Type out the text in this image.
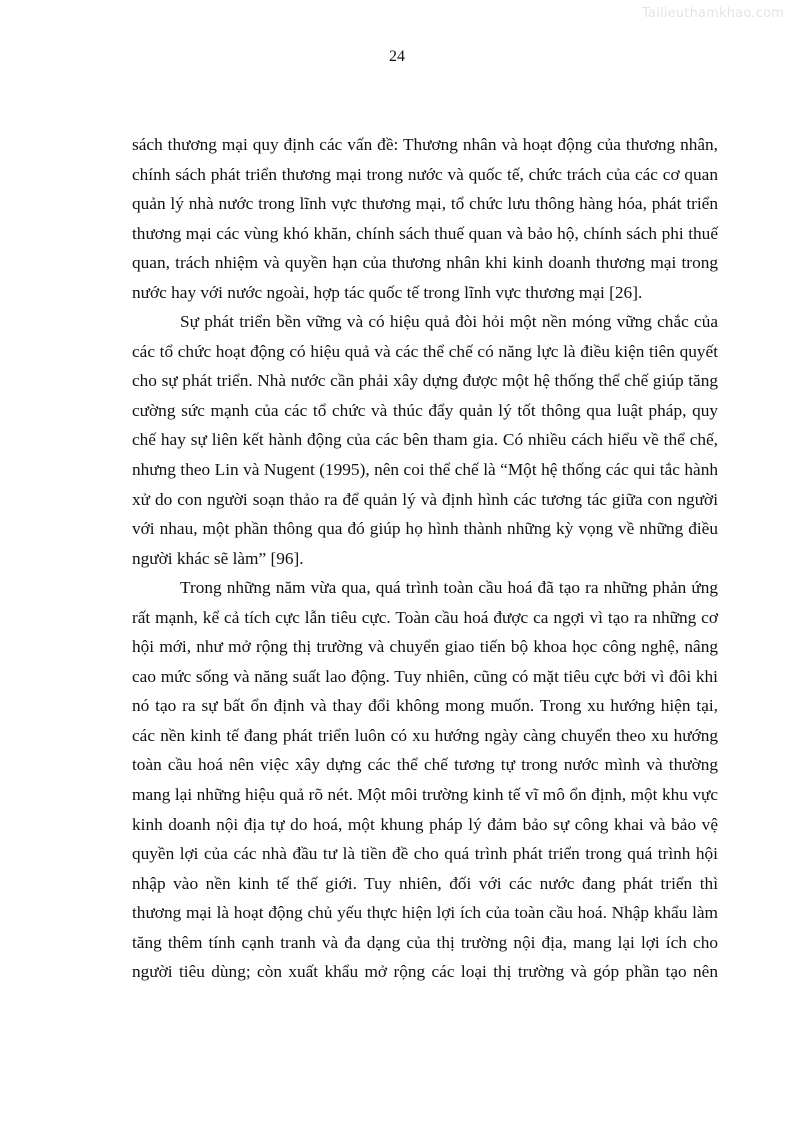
Tailieuthamkhao.com
24
sách thương mại quy định các vấn đề: Thương nhân và hoạt động của thương nhân,
chính sách phát triển thương mại trong nước và quốc tế, chức trách của các cơ quan
quản lý nhà nước trong lĩnh vực thương mại, tổ chức lưu thông hàng hóa, phát triển
thương mại các vùng khó khăn, chính sách thuế quan và bảo hộ, chính sách phi thuế
quan, trách nhiệm và quyền hạn của thương nhân khi kinh doanh thương mại trong
nước hay với nước ngoài, hợp tác quốc tế trong lĩnh vực thương mại [26].
Sự phát triển bền vững và có hiệu quả đòi hỏi một nền móng vững chắc của
các tổ chức hoạt động có hiệu quả và các thể chế có năng lực là điều kiện tiên quyết
cho sự phát triển. Nhà nước cần phải xây dựng được một hệ thống thể chế giúp tăng
cường sức mạnh của các tổ chức và thúc đẩy quản lý tốt thông qua luật pháp, quy
chế hay sự liên kết hành động của các bên tham gia. Có nhiều cách hiểu về thể chế,
nhưng theo Lin và Nugent (1995), nên coi thể chế là “Một hệ thống các qui tắc hành
xử do con người soạn thảo ra để quản lý và định hình các tương tác giữa con người
với nhau, một phần thông qua đó giúp họ hình thành những kỳ vọng về những điều
người khác sẽ làm” [96].
Trong những năm vừa qua, quá trình toàn cầu hoá đã tạo ra những phản ứng
rất mạnh, kể cả tích cực lẫn tiêu cực. Toàn cầu hoá được ca ngợi vì tạo ra những cơ
hội mới, như mở rộng thị trường và chuyển giao tiến bộ khoa học công nghệ, nâng
cao mức sống và năng suất lao động. Tuy nhiên, cũng có mặt tiêu cực bởi vì đôi khi
nó tạo ra sự bất ổn định và thay đổi không mong muốn. Trong xu hướng hiện tại,
các nền kinh tế đang phát triển luôn có xu hướng ngày càng chuyển theo xu hướng
toàn cầu hoá nên việc xây dựng các thể chế tương tự trong nước mình và thường
mang lại những hiệu quả rõ nét. Một môi trường kinh tế vĩ mô ổn định, một khu vực
kinh doanh nội địa tự do hoá, một khung pháp lý đảm bảo sự công khai và bảo vệ
quyền lợi của các nhà đầu tư là tiền đề cho quá trình phát triển trong quá trình hội
nhập vào nền kinh tế thế giới. Tuy nhiên, đối với các nước đang phát triển thì
thương mại là hoạt động chủ yếu thực hiện lợi ích của toàn cầu hoá. Nhập khẩu làm
tăng thêm tính cạnh tranh và đa dạng của thị trường nội địa, mang lại lợi ích cho
người tiêu dùng; còn xuất khẩu mở rộng các loại thị trường và góp phần tạo nên
